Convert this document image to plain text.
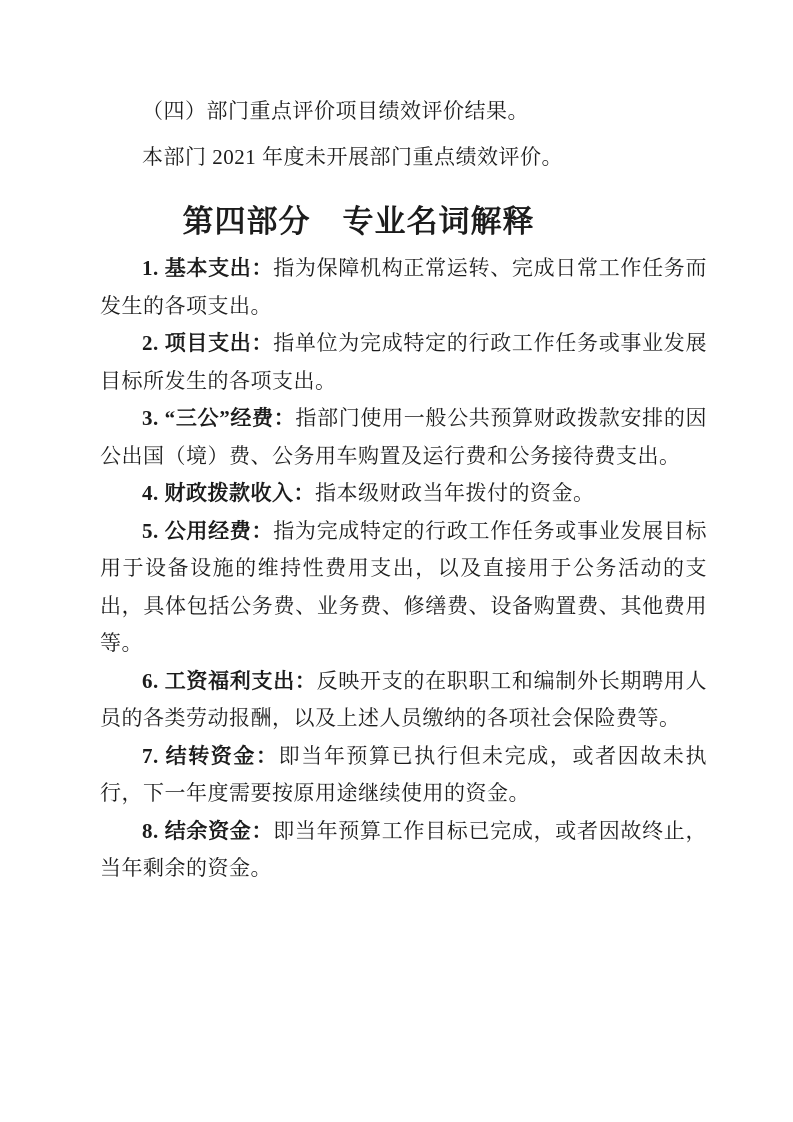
（四）部门重点评价项目绩效评价结果。

本部门 2021 年度未开展部门重点绩效评价。

第四部分　专业名词解释

1. 基本支出：指为保障机构正常运转、完成日常工作任务而发生的各项支出。

2. 项目支出：指单位为完成特定的行政工作任务或事业发展目标所发生的各项支出。

3. “三公”经费：指部门使用一般公共预算财政拨款安排的因公出国（境）费、公务用车购置及运行费和公务接待费支出。

4. 财政拨款收入：指本级财政当年拨付的资金。

5. 公用经费：指为完成特定的行政工作任务或事业发展目标用于设备设施的维持性费用支出，以及直接用于公务活动的支出，具体包括公务费、业务费、修缮费、设备购置费、其他费用等。

6. 工资福利支出：反映开支的在职职工和编制外长期聘用人员的各类劳动报酬，以及上述人员缴纳的各项社会保险费等。

7. 结转资金：即当年预算已执行但未完成，或者因故未执行，下一年度需要按原用途继续使用的资金。

8. 结余资金：即当年预算工作目标已完成，或者因故终止，当年剩余的资金。
